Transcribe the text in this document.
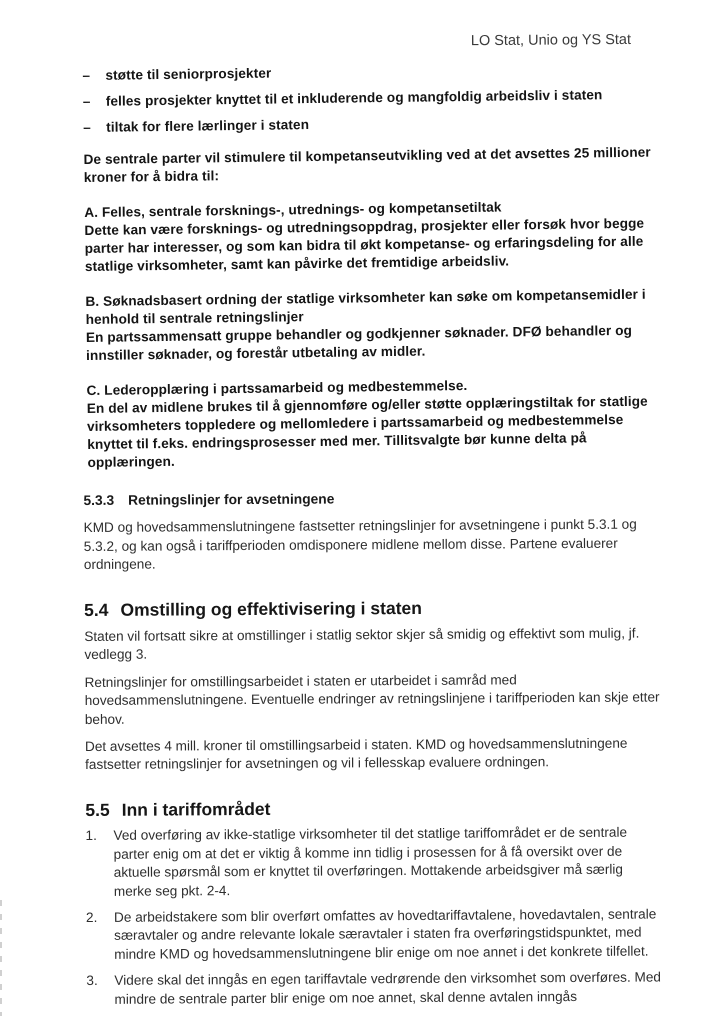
LO Stat, Unio og YS Stat
–	støtte til seniorprosjekter
–	felles prosjekter knyttet til et inkluderende og mangfoldig arbeidsliv i staten
–	tiltak for flere lærlinger i staten

De sentrale parter vil stimulere til kompetanseutvikling ved at det avsettes 25 millioner kroner for å bidra til:

A. Felles, sentrale forsknings-, utrednings- og kompetansetiltak
Dette kan være forsknings- og utredningsoppdrag, prosjekter eller forsøk hvor begge parter har interesser, og som kan bidra til økt kompetanse- og erfaringsdeling for alle statlige virksomheter, samt kan påvirke det fremtidige arbeidsliv.
B. Søknadsbasert ordning der statlige virksomheter kan søke om kompetansemidler i henhold til sentrale retningslinjer
En partssammensatt gruppe behandler og godkjenner søknader. DFØ behandler og innstiller søknader, og forestår utbetaling av midler.
C. Lederopplæring i partssamarbeid og medbestemmelse.
En del av midlene brukes til å gjennomføre og/eller støtte opplæringstiltak for statlige virksomheters toppledere og mellomledere i partssamarbeid og medbestemmelse knyttet til f.eks. endringsprosesser med mer. Tillitsvalgte bør kunne delta på opplæringen.
5.3.3 Retningslinjer for avsetningene

KMD og hovedsammenslutningene fastsetter retningslinjer for avsetningene i punkt 5.3.1 og 5.3.2, og kan også i tariffperioden omdisponere midlene mellom disse. Partene evaluerer ordningene.

5.4 Omstilling og effektivisering i staten

Staten vil fortsatt sikre at omstillinger i statlig sektor skjer så smidig og effektivt som mulig, jf. vedlegg 3.

Retningslinjer for omstillingsarbeidet i staten er utarbeidet i samråd med hovedsammenslutningene. Eventuelle endringer av retningslinjene i tariffperioden kan skje etter behov.

Det avsettes 4 mill. kroner til omstillingsarbeid i staten. KMD og hovedsammenslutningene fastsetter retningslinjer for avsetningen og vil i fellesskap evaluere ordningen.

5.5 Inn i tariffområdet
1.	Ved overføring av ikke-statlige virksomheter til det statlige tariffområdet er de sentrale parter enig om at det er viktig å komme inn tidlig i prosessen for å få oversikt over de aktuelle spørsmål som er knyttet til overføringen. Mottakende arbeidsgiver må særlig merke seg pkt. 2-4.
2.	De arbeidstakere som blir overført omfattes av hovedtariffavtalene, hovedavtalen, sentrale særavtaler og andre relevante lokale særavtaler i staten fra overføringstidspunktet, med mindre KMD og hovedsammenslutningene blir enige om noe annet i det konkrete tilfellet.
3.	Videre skal det inngås en egen tariffavtale vedrørende den virksomhet som overføres. Med mindre de sentrale parter blir enige om noe annet, skal denne avtalen inngås
